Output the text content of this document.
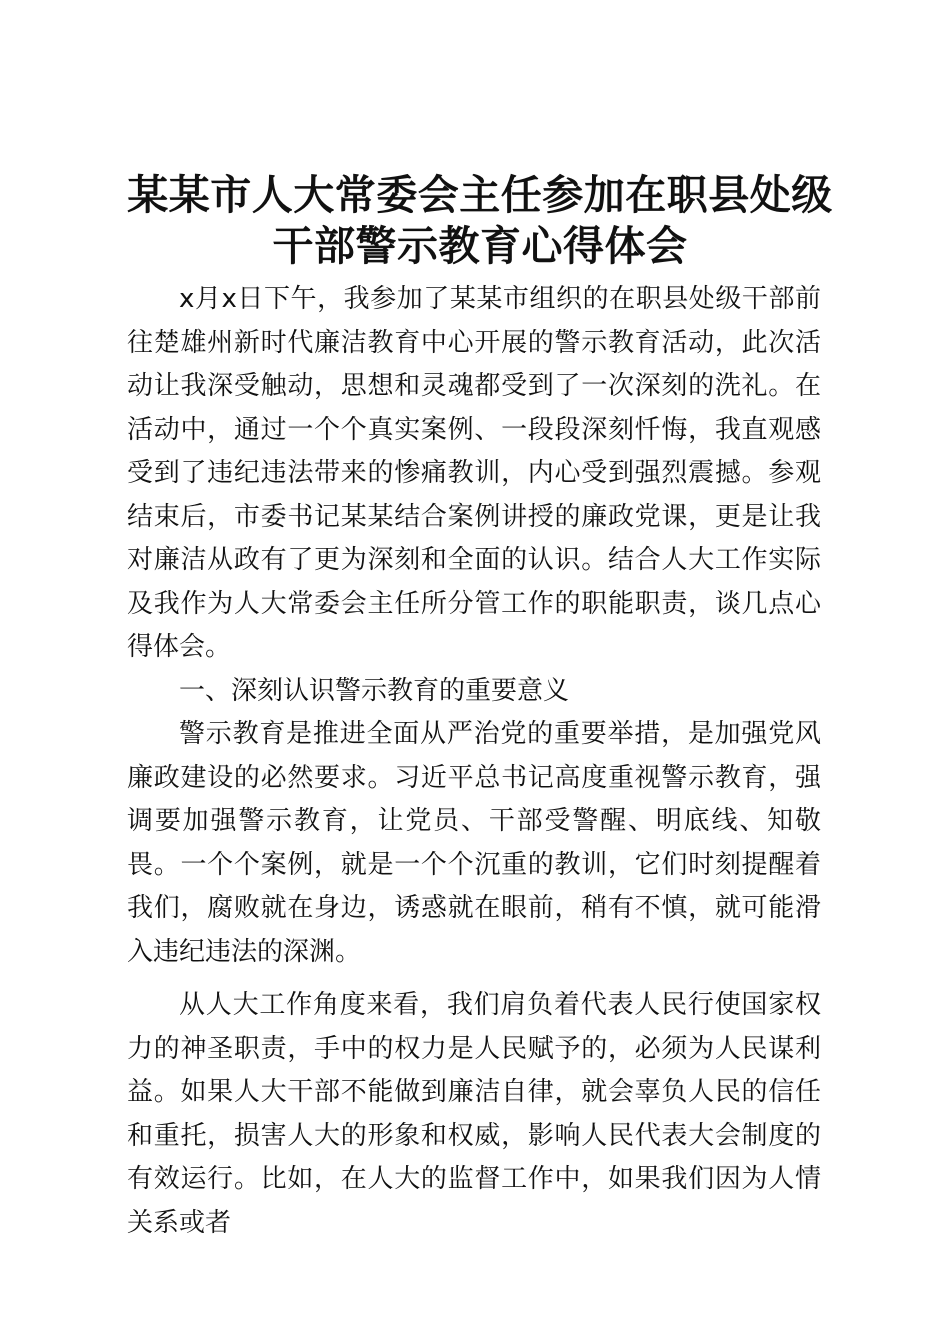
某某市人大常委会主任参加在职县处级
干部警示教育心得体会

x月x日下午，我参加了某某市组织的在职县处级干部前往楚雄州新时代廉洁教育中心开展的警示教育活动，此次活动让我深受触动，思想和灵魂都受到了一次深刻的洗礼。在活动中，通过一个个真实案例、一段段深刻忏悔，我直观感受到了违纪违法带来的惨痛教训，内心受到强烈震撼。参观结束后，市委书记某某结合案例讲授的廉政党课，更是让我对廉洁从政有了更为深刻和全面的认识。结合人大工作实际及我作为人大常委会主任所分管工作的职能职责，谈几点心得体会。

一、深刻认识警示教育的重要意义

警示教育是推进全面从严治党的重要举措，是加强党风廉政建设的必然要求。习近平总书记高度重视警示教育，强调要加强警示教育，让党员、干部受警醒、明底线、知敬畏。一个个案例，就是一个个沉重的教训，它们时刻提醒着我们，腐败就在身边，诱惑就在眼前，稍有不慎，就可能滑入违纪违法的深渊。

从人大工作角度来看，我们肩负着代表人民行使国家权力的神圣职责，手中的权力是人民赋予的，必须为人民谋利益。如果人大干部不能做到廉洁自律，就会辜负人民的信任和重托，损害人大的形象和权威，影响人民代表大会制度的有效运行。比如，在人大的监督工作中，如果我们因为人情关系或者
